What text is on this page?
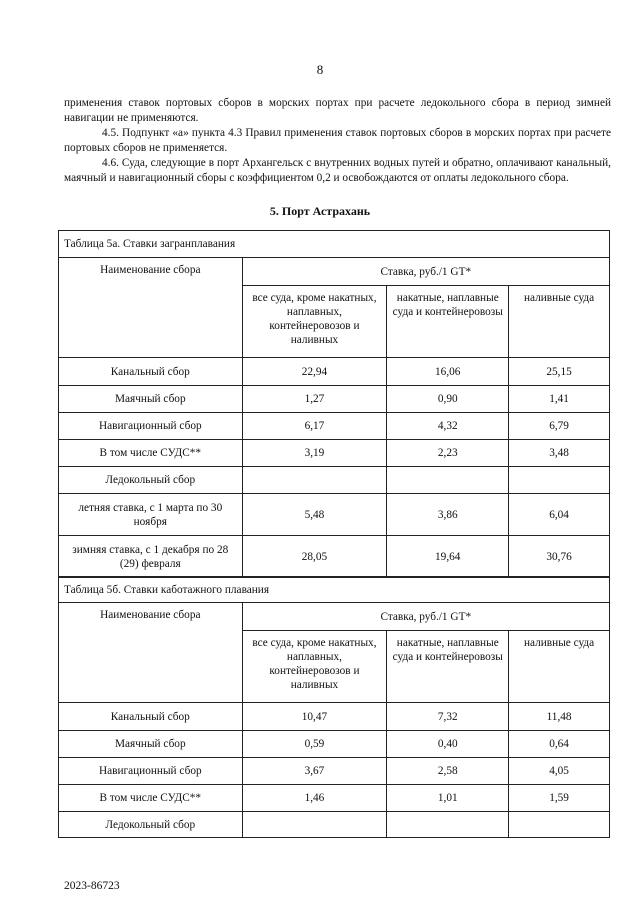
8

применения ставок портовых сборов в морских портах при расчете ледокольного сбора в период зимней навигации не применяются.

4.5. Подпункт «а» пункта 4.3 Правил применения ставок портовых сборов в морских портах при расчете портовых сборов не применяется.

4.6. Суда, следующие в порт Архангельск с внутренних водных путей и обратно, оплачивают канальный, маячный и навигационный сборы с коэффициентом 0,2 и освобождаются от оплаты ледокольного сбора.

5. Порт Астрахань
Таблица 5а. Ставки загранплавания			
Наименование сбора	Ставка, руб./1 GT*		
	все суда, кроме накатных, наплавных, контейнеровозов и наливных	накатные, наплавные суда и контейнеровозы	наливные суда
Канальный сбор	22,94	16,06	25,15
Маячный сбор	1,27	0,90	1,41
Навигационный сбор	6,17	4,32	6,79
В том числе СУДС**	3,19	2,23	3,48
Ледокольный сбор			
летняя ставка, с 1 марта по 30 ноября	5,48	3,86	6,04
зимняя ставка, с 1 декабря по 28 (29) февраля	28,05	19,64	30,76
Таблица 5б. Ставки каботажного плавания			
Наименование сбора	Ставка, руб./1 GT*		
	все суда, кроме накатных, наплавных, контейнеровозов и наливных	накатные, наплавные суда и контейнеровозы	наливные суда
Канальный сбор	10,47	7,32	11,48
Маячный сбор	0,59	0,40	0,64
Навигационный сбор	3,67	2,58	4,05
В том числе СУДС**	1,46	1,01	1,59
Ледокольный сбор			
2023-86723
